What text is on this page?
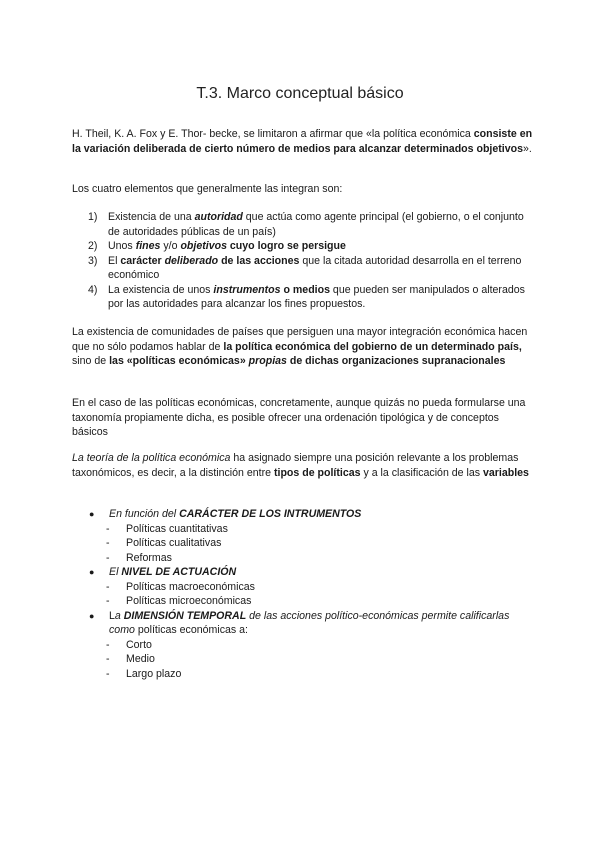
T.3. Marco conceptual básico

H. Theil, K. A. Fox y E. Thor- becke, se limitaron a afirmar que «la política económica consiste en la variación deliberada de cierto número de medios para alcanzar determinados objetivos».

Los cuatro elementos que generalmente las integran son:

1) Existencia de una autoridad que actúa como agente principal (el gobierno, o el conjunto de autoridades públicas de un país)
2) Unos fines y/o objetivos cuyo logro se persigue
3) El carácter deliberado de las acciones que la citada autoridad desarrolla en el terreno económico
4) La existencia de unos instrumentos o medios que pueden ser manipulados o alterados por las autoridades para alcanzar los fines propuestos.

La existencia de comunidades de países que persiguen una mayor integración económica hacen que no sólo podamos hablar de la política económica del gobierno de un determinado país, sino de las «políticas económicas» propias de dichas organizaciones supranacionales

En el caso de las políticas económicas, concretamente, aunque quizás no pueda formularse una taxonomía propiamente dicha, es posible ofrecer una ordenación tipológica y de conceptos básicos

La teoría de la política económica ha asignado siempre una posición relevante a los problemas taxonómicos, es decir, a la distinción entre tipos de políticas y a la clasificación de las variables

● En función del CARÁCTER DE LOS INTRUMENTOS
- Políticas cuantitativas
- Políticas cualitativas
- Reformas
● El NIVEL DE ACTUACIÓN
- Políticas macroeconómicas
- Políticas microeconómicas
● La DIMENSIÓN TEMPORAL de las acciones político-económicas permite calificarlas como políticas económicas a:
- Corto
- Medio
- Largo plazo
